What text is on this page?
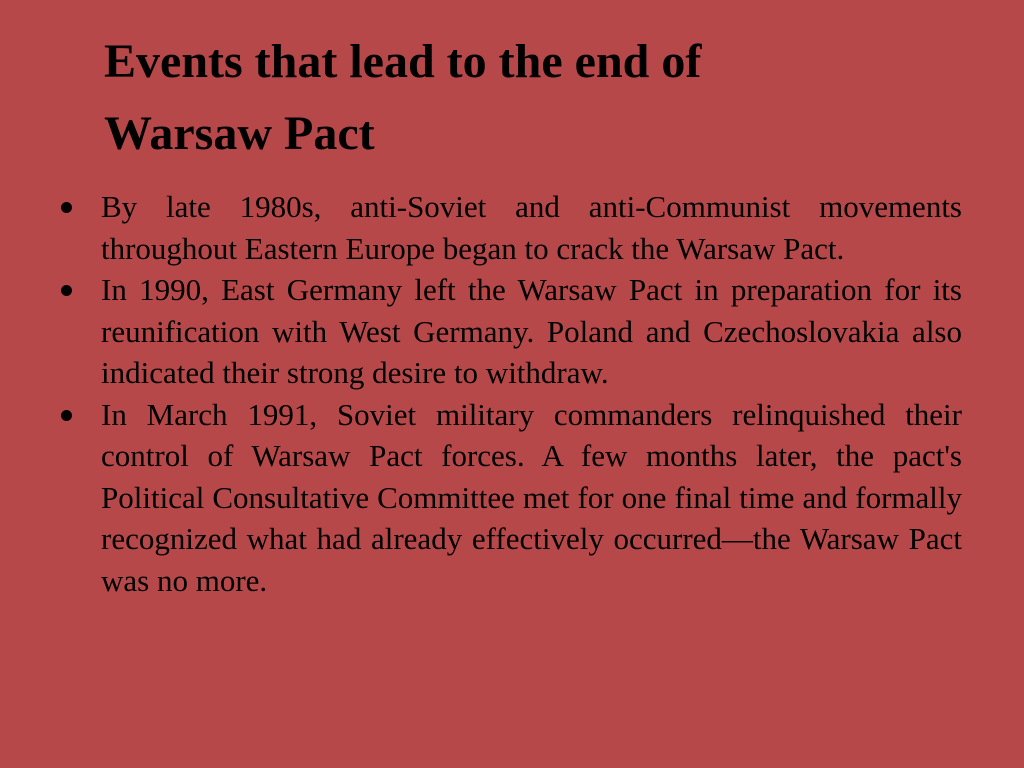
Events that lead to the end of
Warsaw Pact
By late 1980s, anti-Soviet and anti-Communist movements throughout Eastern Europe began to crack the Warsaw Pact.
In 1990, East Germany left the Warsaw Pact in preparation for its reunification with West Germany. Poland and Czechoslovakia also indicated their strong desire to withdraw.
In March 1991, Soviet military commanders relinquished their control of Warsaw Pact forces. A few months later, the pact's Political Consultative Committee met for one final time and formally recognized what had already effectively occurred—the Warsaw Pact was no more.
